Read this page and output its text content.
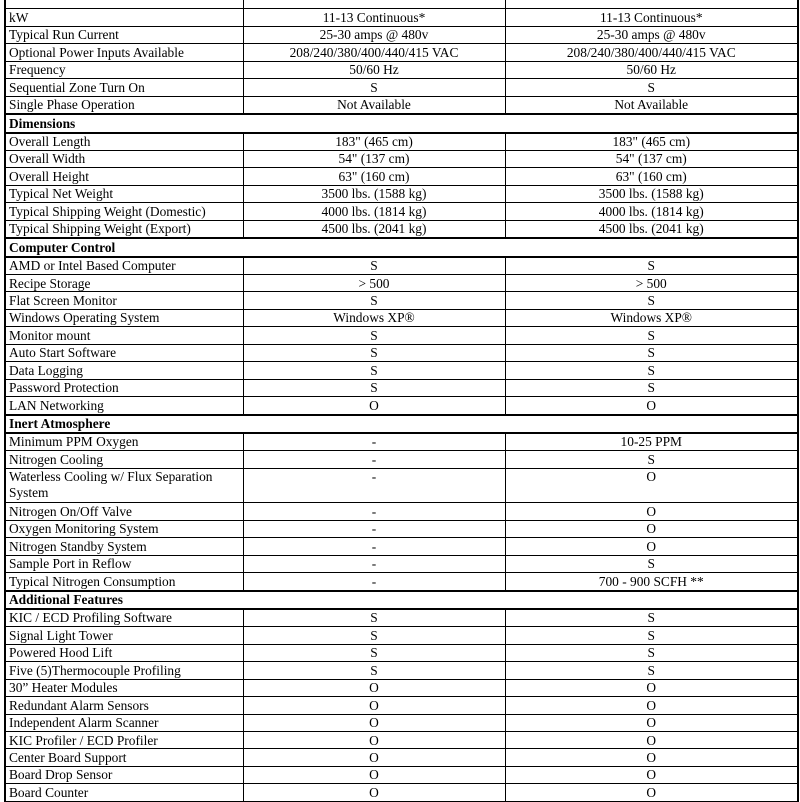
kW	11-13 Continuous*	11-13 Continuous*
Typical Run Current	25-30 amps @ 480v	25-30 amps @ 480v
Optional Power Inputs Available	208/240/380/400/440/415 VAC	208/240/380/400/440/415 VAC
Frequency	50/60 Hz	50/60 Hz
Sequential Zone Turn On	S	S
Single Phase Operation	Not Available	Not Available
Dimensions		
Overall Length	183" (465 cm)	183" (465 cm)
Overall Width	54" (137 cm)	54" (137 cm)
Overall Height	63" (160 cm)	63" (160 cm)
Typical Net Weight	3500 lbs. (1588 kg)	3500 lbs. (1588 kg)
Typical Shipping Weight (Domestic)	4000 lbs. (1814 kg)	4000 lbs. (1814 kg)
Typical Shipping Weight (Export)	4500 lbs. (2041 kg)	4500 lbs. (2041 kg)
Computer Control		
AMD or Intel Based Computer	S	S
Recipe Storage	> 500	> 500
Flat Screen Monitor	S	S
Windows Operating System	Windows XP®	Windows XP®
Monitor mount	S	S
Auto Start Software	S	S
Data Logging	S	S
Password Protection	S	S
LAN Networking	O	O
Inert Atmosphere		
Minimum PPM Oxygen	-	10-25 PPM
Nitrogen Cooling	-	S
Waterless Cooling w/ Flux Separation System	-	O
Nitrogen On/Off Valve	-	O
Oxygen Monitoring System	-	O
Nitrogen Standby System	-	O
Sample Port in Reflow	-	S
Typical Nitrogen Consumption	-	700 - 900 SCFH **
Additional Features		
KIC / ECD Profiling Software	S	S
Signal Light Tower	S	S
Powered Hood Lift	S	S
Five (5)Thermocouple Profiling	S	S
30” Heater Modules	O	O
Redundant Alarm Sensors	O	O
Independent Alarm Scanner	O	O
KIC Profiler / ECD Profiler	O	O
Center Board Support	O	O
Board Drop Sensor	O	O
Board Counter	O	O
